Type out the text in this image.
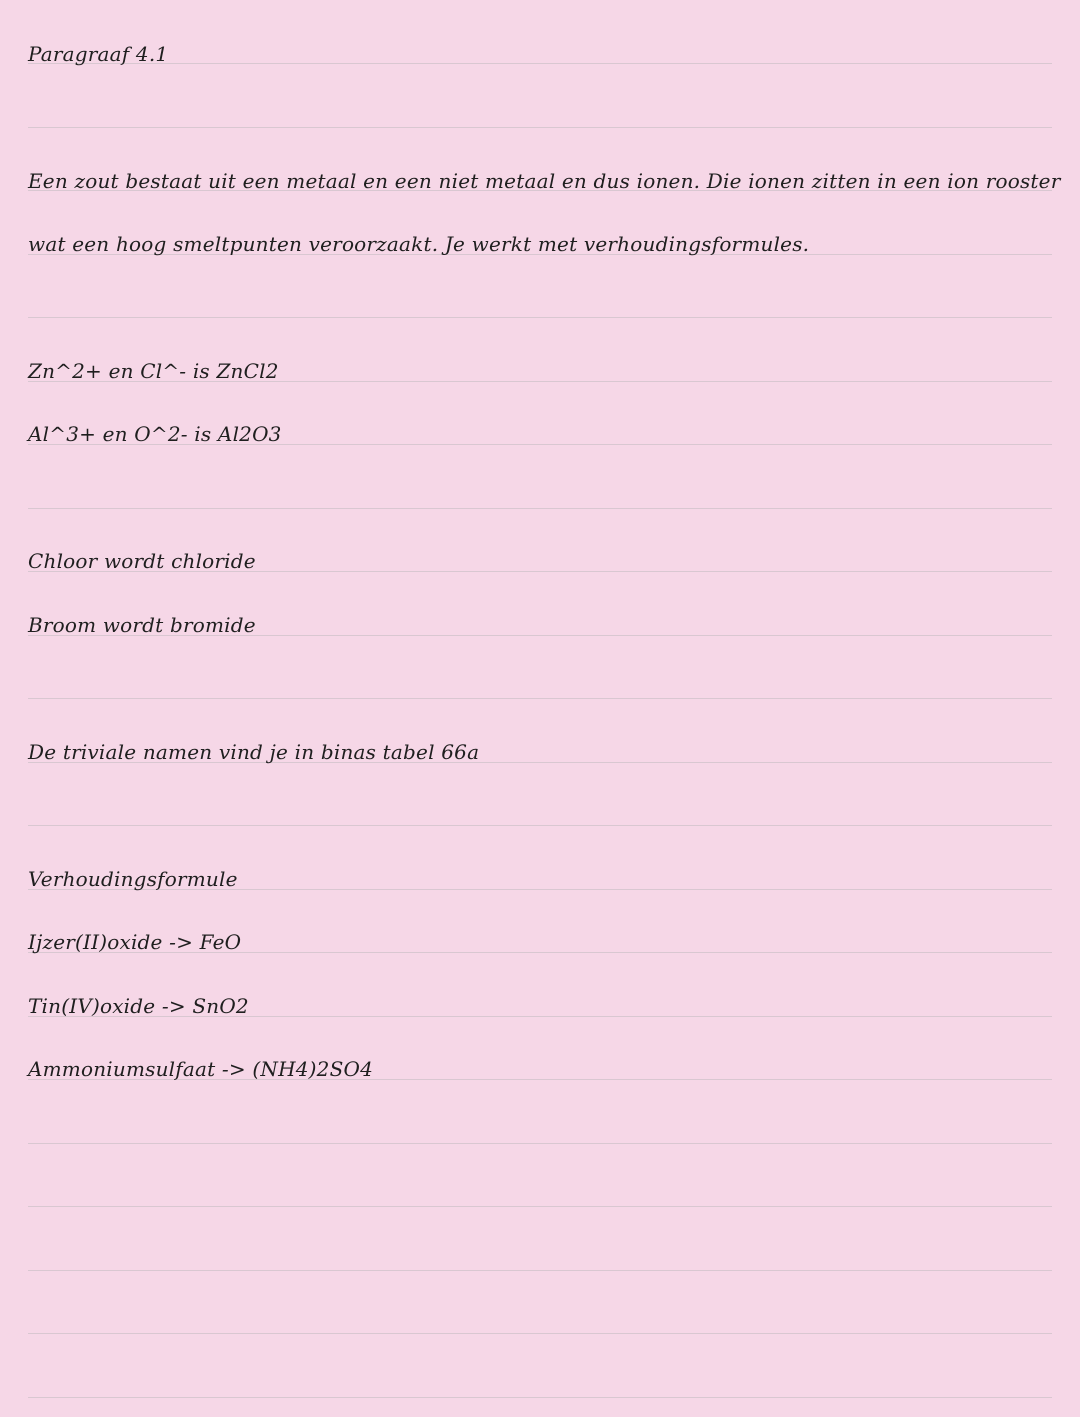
Paragraaf 4.1
Een zout bestaat uit een metaal en een niet metaal en dus ionen. Die ionen zitten in een ion rooster
wat een hoog smeltpunten veroorzaakt. Je werkt met verhoudingsformules.
Zn^2+ en Cl^- is ZnCl2
Al^3+ en O^2- is Al2O3
Chloor wordt chloride
Broom wordt bromide
De triviale namen vind je in binas tabel 66a
Verhoudingsformule
Ijzer(II)oxide -> FeO
Tin(IV)oxide -> SnO2
Ammoniumsulfaat -> (NH4)2SO4
